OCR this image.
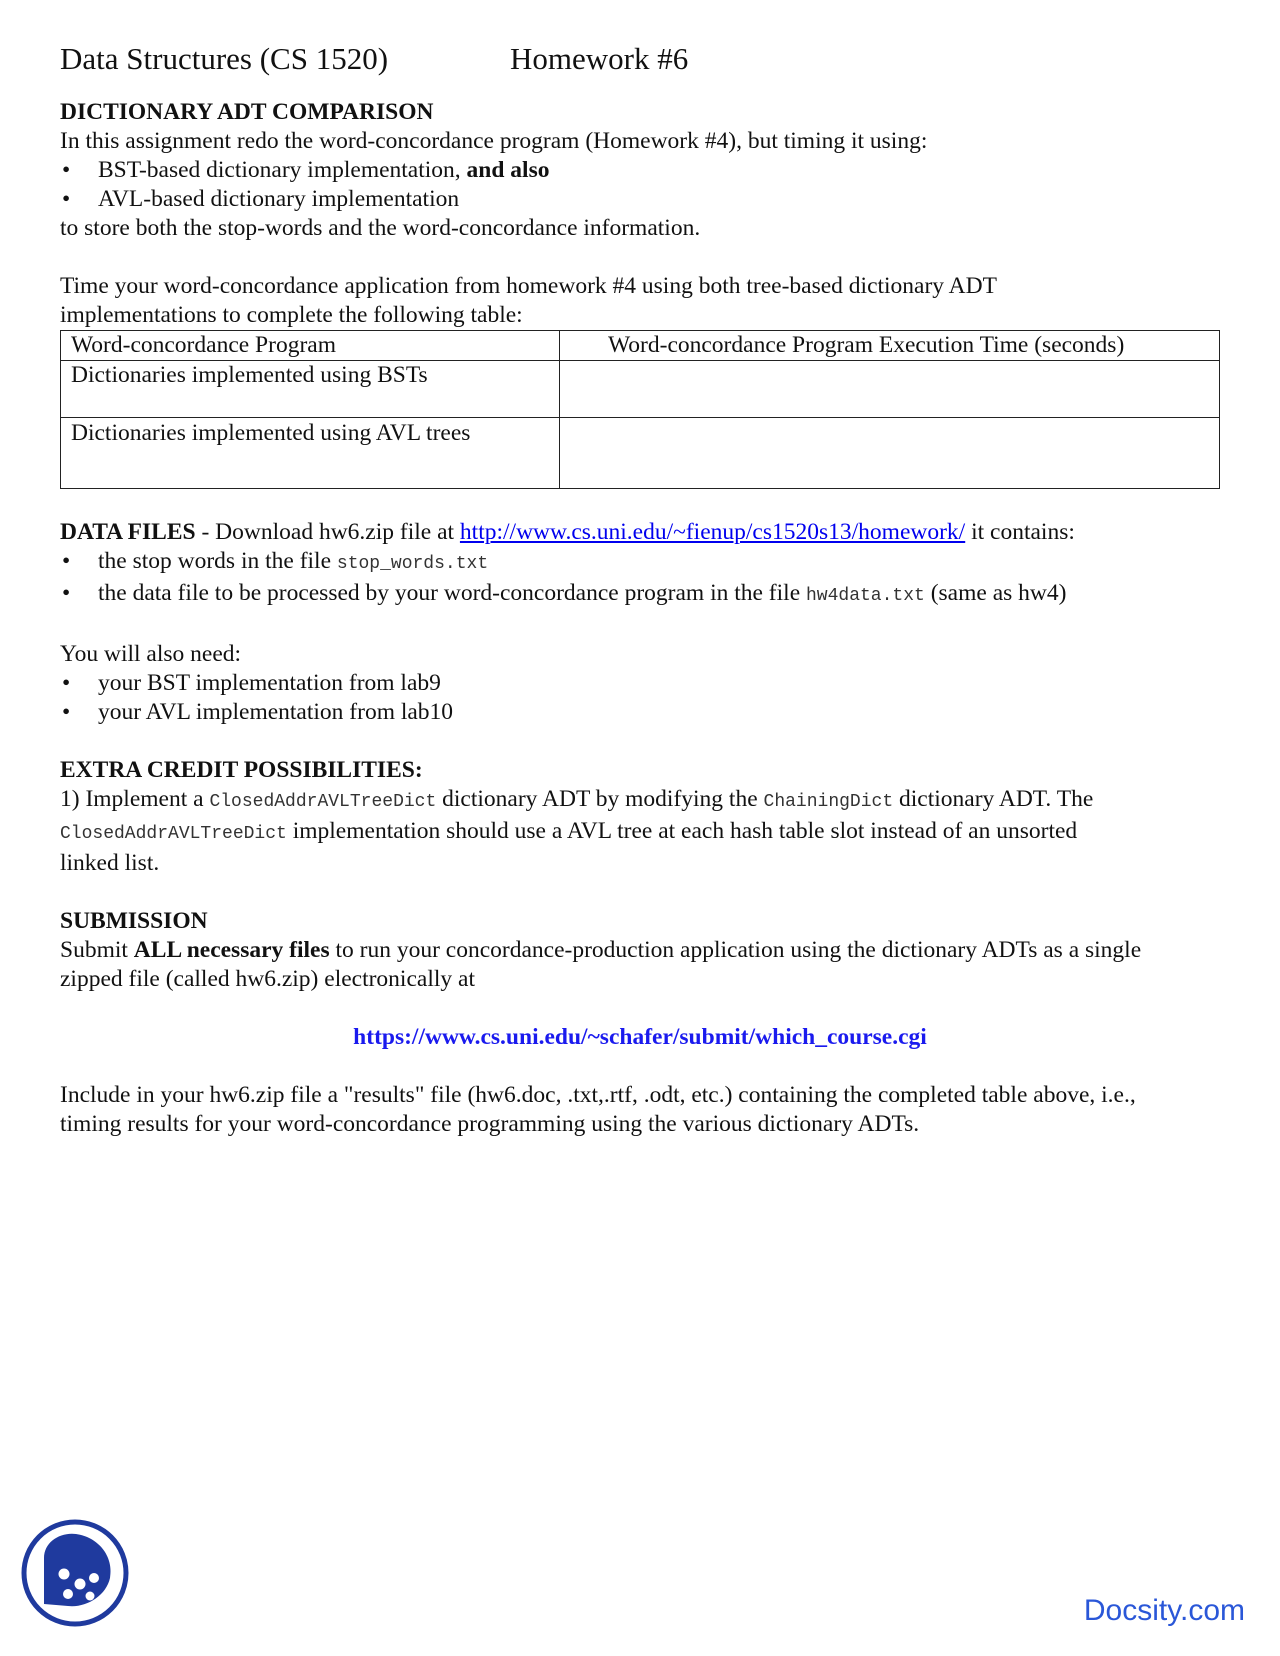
Data Structures (CS 1520)	Homework #6
DICTIONARY ADT COMPARISON

In this assignment redo the word-concordance program (Homework #4), but timing it using:

• BST-based dictionary implementation, and also
• AVL-based dictionary implementation

to store both the stop-words and the word-concordance information.

Time your word-concordance application from homework #4 using both tree-based dictionary ADT

implementations to complete the following table:

Word-concordance Program	Word-concordance Program Execution Time (seconds)
Dictionaries implemented using BSTs	
Dictionaries implemented using AVL trees	

DATA FILES - Download hw6.zip file at http://www.cs.uni.edu/~fienup/cs1520s13/homework/ it contains:

• the stop words in the file stop_words.txt
• the data file to be processed by your word-concordance program in the file hw4data.txt (same as hw4)

You will also need:

• your BST implementation from lab9
• your AVL implementation from lab10
EXTRA CREDIT POSSIBILITIES:

1) Implement a ClosedAddrAVLTreeDict dictionary ADT by modifying the ChainingDict dictionary ADT. The
ClosedAddrAVLTreeDict implementation should use a AVL tree at each hash table slot instead of an unsorted
linked list.

SUBMISSION

Submit ALL necessary files to run your concordance-production application using the dictionary ADTs as a single
zipped file (called hw6.zip) electronically at

https://www.cs.uni.edu/~schafer/submit/which_course.cgi

Include in your hw6.zip file a "results" file (hw6.doc, .txt,.rtf, .odt, etc.) containing the completed table above, i.e.,

timing results for your word-concordance programming using the various dictionary ADTs.

Docsity.com
